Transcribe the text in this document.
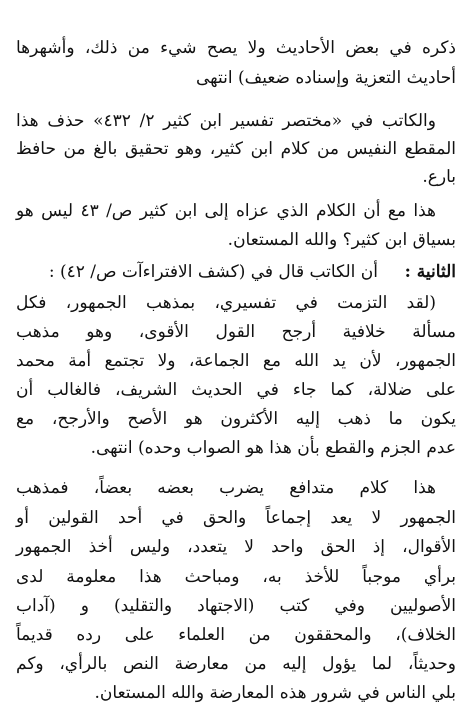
ذكره في بعض الأحاديث ولا يصح شيء من ذلك، وأشهرها
أحاديث التعزية وإسناده ضعيف) انتهى
والكاتب في «مختصر تفسير ابن كثير ٢/ ٤٣٢» حذف هذا
المقطع النفيس من كلام ابن كثير، وهو تحقيق بالغ من حافظ
بارع.
هذا مع أن الكلام الذي عزاه إلى ابن كثير ص/ ٤٣ ليس هو
بسياق ابن كثير؟ والله المستعان.
الثانية :
أن الكاتب قال في (كشف الافتراءآت ص/ ٤٢) :
(لقد التزمت في تفسيري، بمذهب الجمهور، فكل
مسألة خلافية أرجح القول الأقوى، وهو مذهب
الجمهور، لأن يد الله مع الجماعة، ولا تجتمع أمة محمد
على ضلالة، كما جاء في الحديث الشريف، فالغالب أن
يكون ما ذهب إليه الأكثرون هو الأصح والأرجح، مع
عدم الجزم والقطع بأن هذا هو الصواب وحده) انتهى.
هذا كلام متدافع يضرب بعضه بعضاً، فمذهب
الجمهور لا يعد إجماعاً والحق في أحد القولين أو
الأقوال، إذ الحق واحد لا يتعدد، وليس أخذ الجمهور
برأي موجباً للأخذ به، ومباحث هذا معلومة لدى
الأصوليين وفي كتب (الاجتهاد والتقليد) و (آداب
الخلاف)، والمحققون من العلماء على رده قديماً
وحديثاً، لما يؤول إليه من معارضة النص بالرأي، وكم
بلي الناس في شرور هذه المعارضة والله المستعان.
